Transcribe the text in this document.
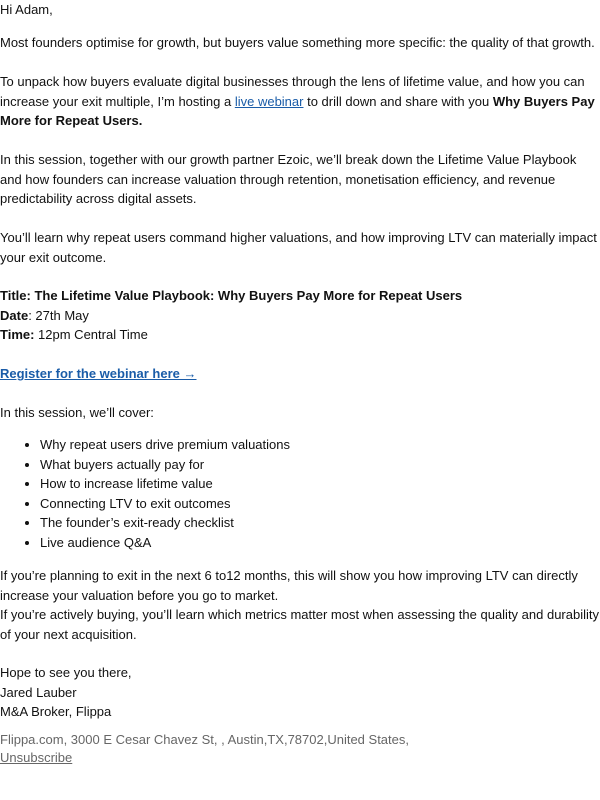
Hi Adam,

Most founders optimise for growth, but buyers value something more specific: the quality of that growth.

To unpack how buyers evaluate digital businesses through the lens of lifetime value, and how you can increase your exit multiple, I’m hosting a live webinar to drill down and share with you Why Buyers Pay More for Repeat Users.

In this session, together with our growth partner Ezoic, we’ll break down the Lifetime Value Playbook and how founders can increase valuation through retention, monetisation efficiency, and revenue predictability across digital assets.

You’ll learn why repeat users command higher valuations, and how improving LTV can materially impact your exit outcome.

Title: The Lifetime Value Playbook: Why Buyers Pay More for Repeat Users
Date: 27th May
Time: 12pm Central Time

Register for the webinar here →

In this session, we’ll cover:

• Why repeat users drive premium valuations
• What buyers actually pay for
• How to increase lifetime value
• Connecting LTV to exit outcomes
• The founder’s exit-ready checklist
• Live audience Q&A
If you’re planning to exit in the next 6 to12 months, this will show you how improving LTV can directly increase your valuation before you go to market.
If you’re actively buying, you’ll learn which metrics matter most when assessing the quality and durability of your next acquisition.
Hope to see you there,
Jared Lauber
M&A Broker, Flippa
Flippa.com, 3000 E Cesar Chavez St, , Austin,TX,78702,United States,
Unsubscribe
